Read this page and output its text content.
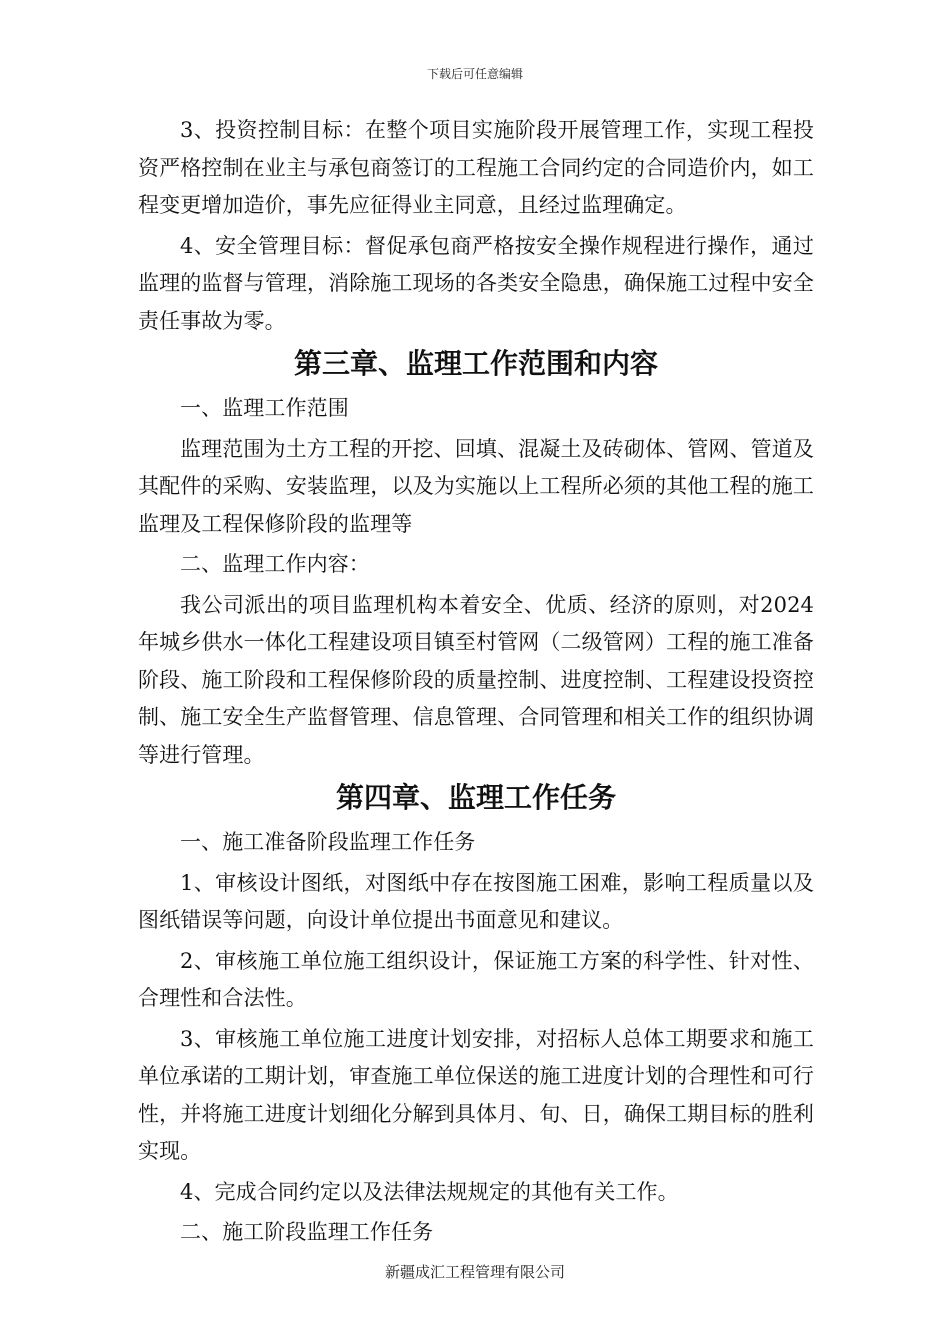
下载后可任意编辑

3、投资控制目标：在整个项目实施阶段开展管理工作，实现工程投资严格控制在业主与承包商签订的工程施工合同约定的合同造价内，如工程变更增加造价，事先应征得业主同意，且经过监理确定。

4、安全管理目标：督促承包商严格按安全操作规程进行操作，通过监理的监督与管理，消除施工现场的各类安全隐患，确保施工过程中安全责任事故为零。

第三章、监理工作范围和内容

一、监理工作范围

监理范围为土方工程的开挖、回填、混凝土及砖砌体、管网、管道及其配件的采购、安装监理，以及为实施以上工程所必须的其他工程的施工监理及工程保修阶段的监理等

二、监理工作内容：

我公司派出的项目监理机构本着安全、优质、经济的原则，对2024年城乡供水一体化工程建设项目镇至村管网（二级管网）工程的施工准备阶段、施工阶段和工程保修阶段的质量控制、进度控制、工程建设投资控制、施工安全生产监督管理、信息管理、合同管理和相关工作的组织协调等进行管理。

第四章、监理工作任务

一、施工准备阶段监理工作任务

1、审核设计图纸，对图纸中存在按图施工困难，影响工程质量以及图纸错误等问题，向设计单位提出书面意见和建议。

2、审核施工单位施工组织设计，保证施工方案的科学性、针对性、合理性和合法性。

3、审核施工单位施工进度计划安排，对招标人总体工期要求和施工单位承诺的工期计划，审查施工单位保送的施工进度计划的合理性和可行性，并将施工进度计划细化分解到具体月、旬、日，确保工期目标的胜利实现。

4、完成合同约定以及法律法规规定的其他有关工作。

二、施工阶段监理工作任务

新疆成汇工程管理有限公司
